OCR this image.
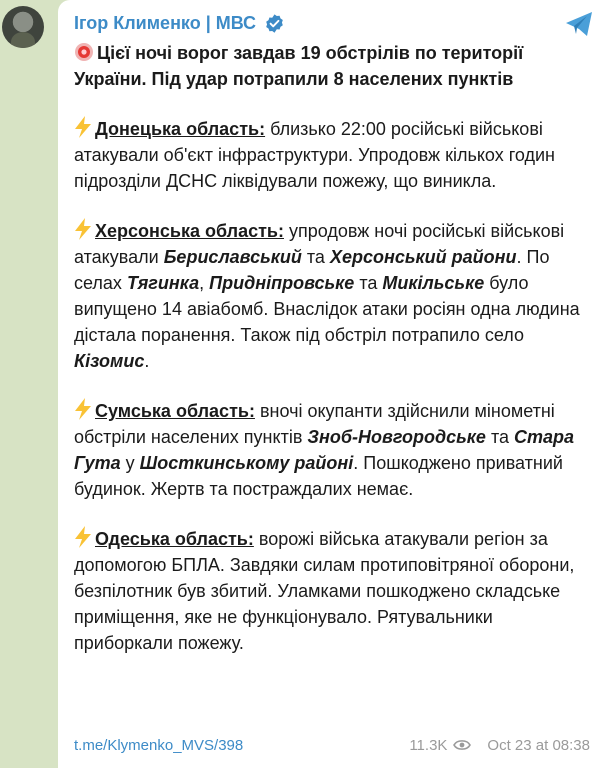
Ігор Клименко | МВС

Цієї ночі ворог завдав 19 обстрілів по території України. Під удар потрапили 8 населених пунктів

Донецька область: близько 22:00 російські військові атакували об'єкт інфраструктури. Упродовж кількох годин підрозділи ДСНС ліквідували пожежу, що виникла.

Херсонська область: упродовж ночі російські військові атакували Бериславський та Херсонський райони. По селах Тягинка, Придніпровське та Микільське було випущено 14 авіабомб. Внаслідок атаки росіян одна людина дістала поранення. Також під обстріл потрапило село Кізомис.

Сумська область: вночі окупанти здійснили мінометні обстріли населених пунктів Зноб-Новгородське та Стара Гута у Шосткинському районі. Пошкоджено приватний будинок. Жертв та постраждалих немає.

Одеська область: ворожі війська атакували регіон за допомогою БПЛА. Завдяки силам протиповітряної оборони, безпілотник був збитий. Уламками пошкоджено складське приміщення, яке не функціонувало. Рятувальники приборкали пожежу.

t.me/Klymenko_MVS/398	11.3K	Oct 23 at 08:38
